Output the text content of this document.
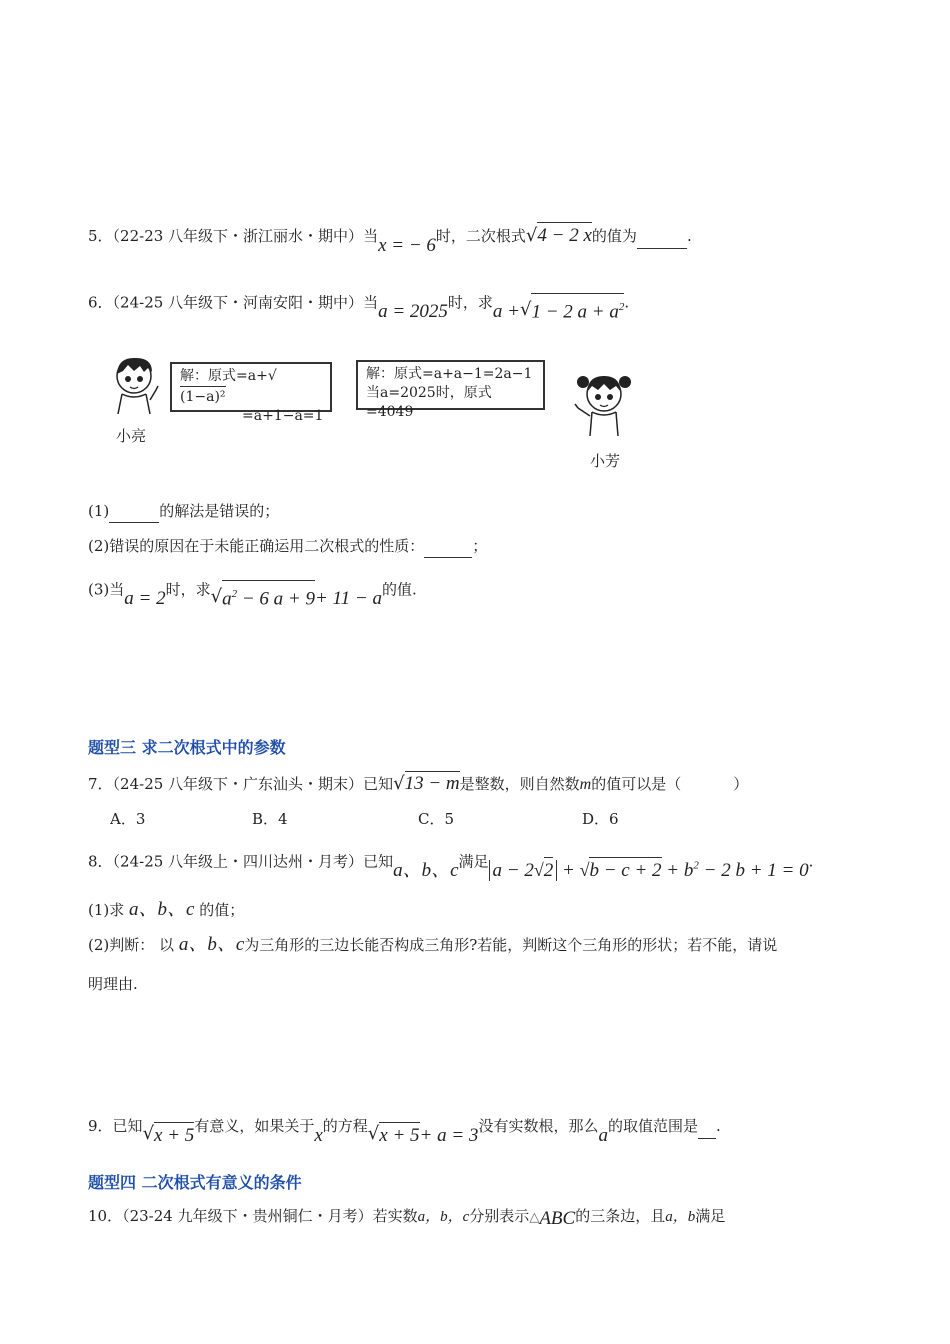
5．（22-23 八年级下・浙江丽水・期中）当x = − 6时，二次根式√4 − 2 x的值为	.
6．（24-25 八年级下・河南安阳・期中）当a = 2025时，求a +√1 − 2 $a + a^2$.
小亮
解：原式=a+√(1−a)²
=a+1−a=1
解：原式=a+a−1=2a−1
当a=2025时，原式=4049
小芳
(1)	的解法是错误的；
(2)错误的原因在于未能正确运用二次根式的性质：	；
(3)当a = 2时，求$√a^2 - 6$ a + 9+ 11 − a的值.
题型三 求二次根式中的参数
7．（24-25 八年级下・广东汕头・期末）已知√13 − m是整数，则自然数m的值可以是（	）
A．3	B．4	C．5	D．6
8．（24-25 八年级上・四川达州・月考）已知a、b、c满足 $a - 2√2 + √b - c + 2 + b^2 - 2$ b + 1 = 0.
(1)求 a、b、c 的值；
(2)判断： 以 a、b、c为三角形的三边长能否构成三角形?若能，判断这个三角形的形状；若不能，请说
明理由.
9．已知√x + 5有意义，如果关于x的方程√x + 5+ a = 3没有实数根，那么a的取值范围是 .
题型四 二次根式有意义的条件
10．（23-24 九年级下・贵州铜仁・月考）若实数a，b，c分别表示△ABC的三条边，且a，b满足
